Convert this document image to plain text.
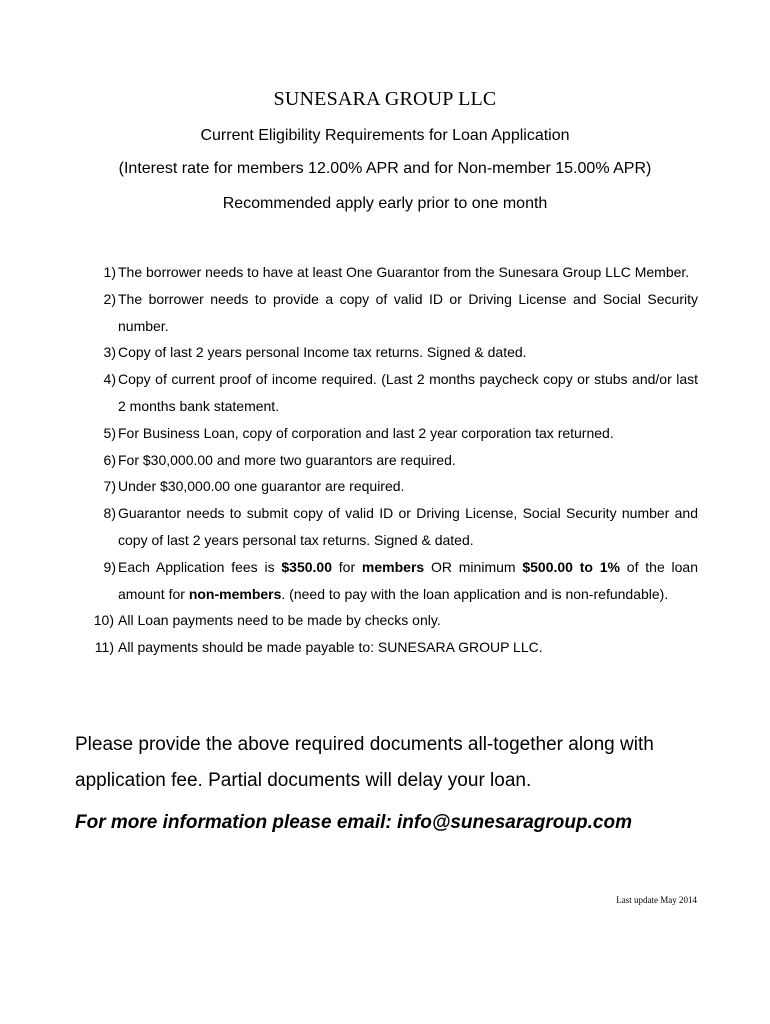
SUNESARA GROUP LLC
Current Eligibility Requirements for Loan Application
(Interest rate for members 12.00% APR and for Non-member 15.00% APR)
Recommended apply early prior to one month
1) The borrower needs to have at least One Guarantor from the Sunesara Group LLC Member.
2) The borrower needs to provide a copy of valid ID or Driving License and Social Security number.
3) Copy of last 2 years personal Income tax returns. Signed & dated.
4) Copy of current proof of income required. (Last 2 months paycheck copy or stubs and/or last 2 months bank statement.
5) For Business Loan, copy of corporation and last 2 year corporation tax returned.
6) For $30,000.00 and more two guarantors are required.
7) Under $30,000.00 one guarantor are required.
8) Guarantor needs to submit copy of valid ID or Driving License, Social Security number and copy of last 2 years personal tax returns. Signed & dated.
9) Each Application fees is $350.00 for members OR minimum $500.00 to 1% of the loan amount for non-members. (need to pay with the loan application and is non-refundable).
10) All Loan payments need to be made by checks only.
11) All payments should be made payable to: SUNESARA GROUP LLC.

Please provide the above required documents all-together along with application fee. Partial documents will delay your loan.

For more information please email: info@sunesaragroup.com

Last update May 2014
